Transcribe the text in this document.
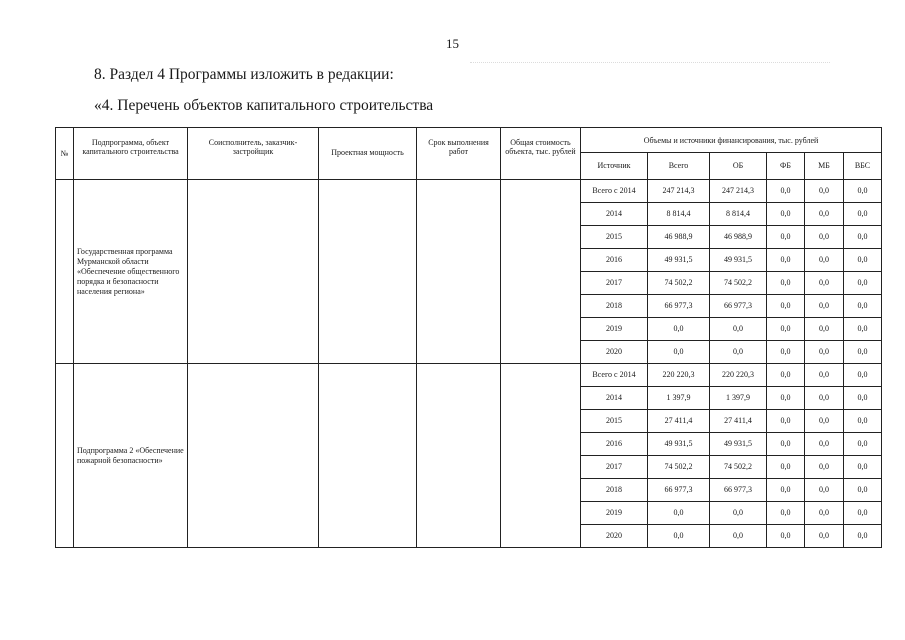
15
8. Раздел 4 Программы изложить в редакции:
«4. Перечень объектов капитального строительства
№	Подпрограмма, объект капитального строительства	Соисполнитель, заказчик-застройщик	Проектная мощность	Срок выполнения работ	Общая стоимость объекта, тыс. рублей	Объемы и источники финансирования, тыс. рублей					
						Источник	Всего	ОБ	ФБ	МБ	ВБС
	Государственная программа Мурманской области «Обеспечение общественного порядка и безопасности населения региона»					Всего с 2014	247 214,3	247 214,3	0,0	0,0	0,0
						2014	8 814,4	8 814,4	0,0	0,0	0,0
						2015	46 988,9	46 988,9	0,0	0,0	0,0
						2016	49 931,5	49 931,5	0,0	0,0	0,0
						2017	74 502,2	74 502,2	0,0	0,0	0,0
						2018	66 977,3	66 977,3	0,0	0,0	0,0
						2019	0,0	0,0	0,0	0,0	0,0
						2020	0,0	0,0	0,0	0,0	0,0
	Подпрограмма 2 «Обеспечение пожарной безопасности»					Всего с 2014	220 220,3	220 220,3	0,0	0,0	0,0
						2014	1 397,9	1 397,9	0,0	0,0	0,0
						2015	27 411,4	27 411,4	0,0	0,0	0,0
						2016	49 931,5	49 931,5	0,0	0,0	0,0
						2017	74 502,2	74 502,2	0,0	0,0	0,0
						2018	66 977,3	66 977,3	0,0	0,0	0,0
						2019	0,0	0,0	0,0	0,0	0,0
						2020	0,0	0,0	0,0	0,0	0,0
